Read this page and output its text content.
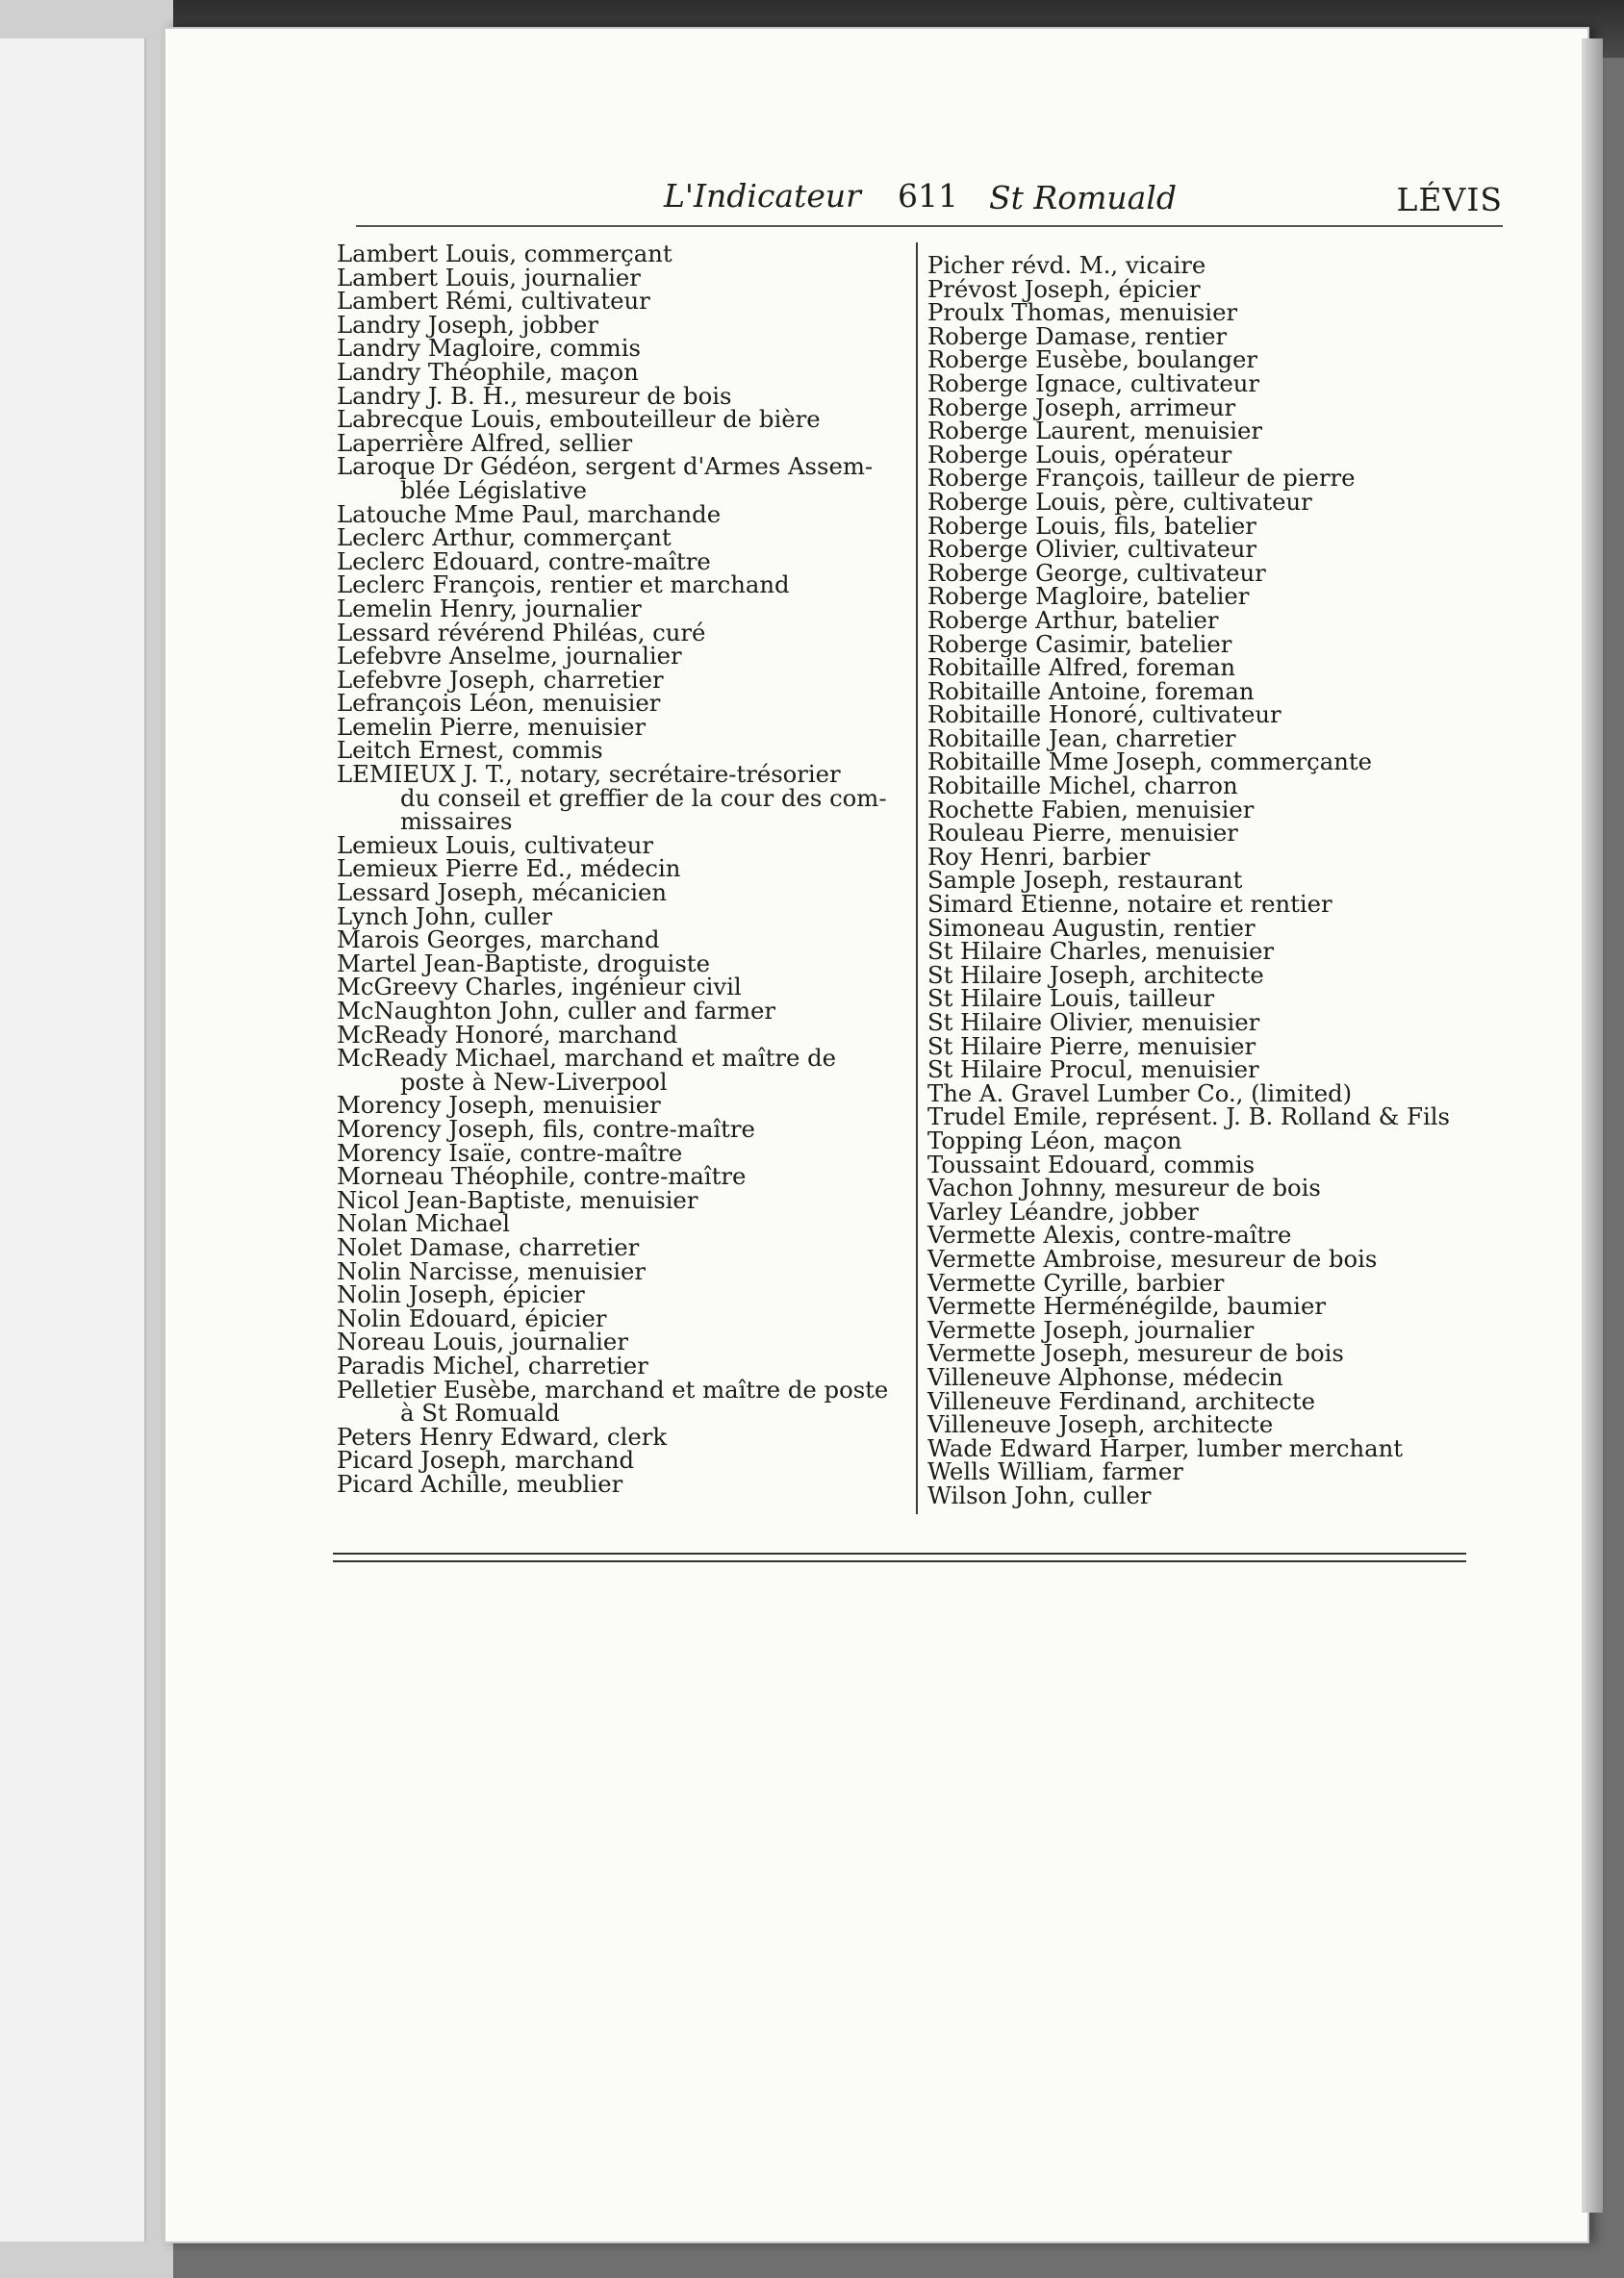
L'Indicateur 611 St Romuald	LÉVIS
Lambert Louis, commerçant
Lambert Louis, journalier
Lambert Rémi, cultivateur
Landry Joseph, jobber
Landry Magloire, commis
Landry Théophile, maçon
Landry J. B. H., mesureur de bois
Labrecque Louis, embouteilleur de bière
Laperrière Alfred, sellier
Laroque Dr Gédéon, sergent d'Armes Assem-
blée Législative
Latouche Mme Paul, marchande
Leclerc Arthur, commerçant
Leclerc Edouard, contre-maître
Leclerc François, rentier et marchand
Lemelin Henry, journalier
Lessard révérend Philéas, curé
Lefebvre Anselme, journalier
Lefebvre Joseph, charretier
Lefrançois Léon, menuisier
Lemelin Pierre, menuisier
Leitch Ernest, commis
LEMIEUX J. T., notary, secrétaire-trésorier
du conseil et greffier de la cour des com-
missaires
Lemieux Louis, cultivateur
Lemieux Pierre Ed., médecin
Lessard Joseph, mécanicien
Lynch John, culler
Marois Georges, marchand
Martel Jean-Baptiste, droguiste
McGreevy Charles, ingénieur civil
McNaughton John, culler and farmer
McReady Honoré, marchand
McReady Michael, marchand et maître de
poste à New-Liverpool
Morency Joseph, menuisier
Morency Joseph, fils, contre-maître
Morency Isaïe, contre-maître
Morneau Théophile, contre-maître
Nicol Jean-Baptiste, menuisier
Nolan Michael
Nolet Damase, charretier
Nolin Narcisse, menuisier
Nolin Joseph, épicier
Nolin Edouard, épicier
Noreau Louis, journalier
Paradis Michel, charretier
Pelletier Eusèbe, marchand et maître de poste
à St Romuald
Peters Henry Edward, clerk
Picard Joseph, marchand
Picard Achille, meublier
Picher révd. M., vicaire
Prévost Joseph, épicier
Proulx Thomas, menuisier
Roberge Damase, rentier
Roberge Eusèbe, boulanger
Roberge Ignace, cultivateur
Roberge Joseph, arrimeur
Roberge Laurent, menuisier
Roberge Louis, opérateur
Roberge François, tailleur de pierre
Roberge Louis, père, cultivateur
Roberge Louis, fils, batelier
Roberge Olivier, cultivateur
Roberge George, cultivateur
Roberge Magloire, batelier
Roberge Arthur, batelier
Roberge Casimir, batelier
Robitaille Alfred, foreman
Robitaille Antoine, foreman
Robitaille Honoré, cultivateur
Robitaille Jean, charretier
Robitaille Mme Joseph, commerçante
Robitaille Michel, charron
Rochette Fabien, menuisier
Rouleau Pierre, menuisier
Roy Henri, barbier
Sample Joseph, restaurant
Simard Etienne, notaire et rentier
Simoneau Augustin, rentier
St Hilaire Charles, menuisier
St Hilaire Joseph, architecte
St Hilaire Louis, tailleur
St Hilaire Olivier, menuisier
St Hilaire Pierre, menuisier
St Hilaire Procul, menuisier
The A. Gravel Lumber Co., (limited)
Trudel Emile, représent. J. B. Rolland & Fils
Topping Léon, maçon
Toussaint Edouard, commis
Vachon Johnny, mesureur de bois
Varley Léandre, jobber
Vermette Alexis, contre-maître
Vermette Ambroise, mesureur de bois
Vermette Cyrille, barbier
Vermette Herménégilde, baumier
Vermette Joseph, journalier
Vermette Joseph, mesureur de bois
Villeneuve Alphonse, médecin
Villeneuve Ferdinand, architecte
Villeneuve Joseph, architecte
Wade Edward Harper, lumber merchant
Wells William, farmer
Wilson John, culler
